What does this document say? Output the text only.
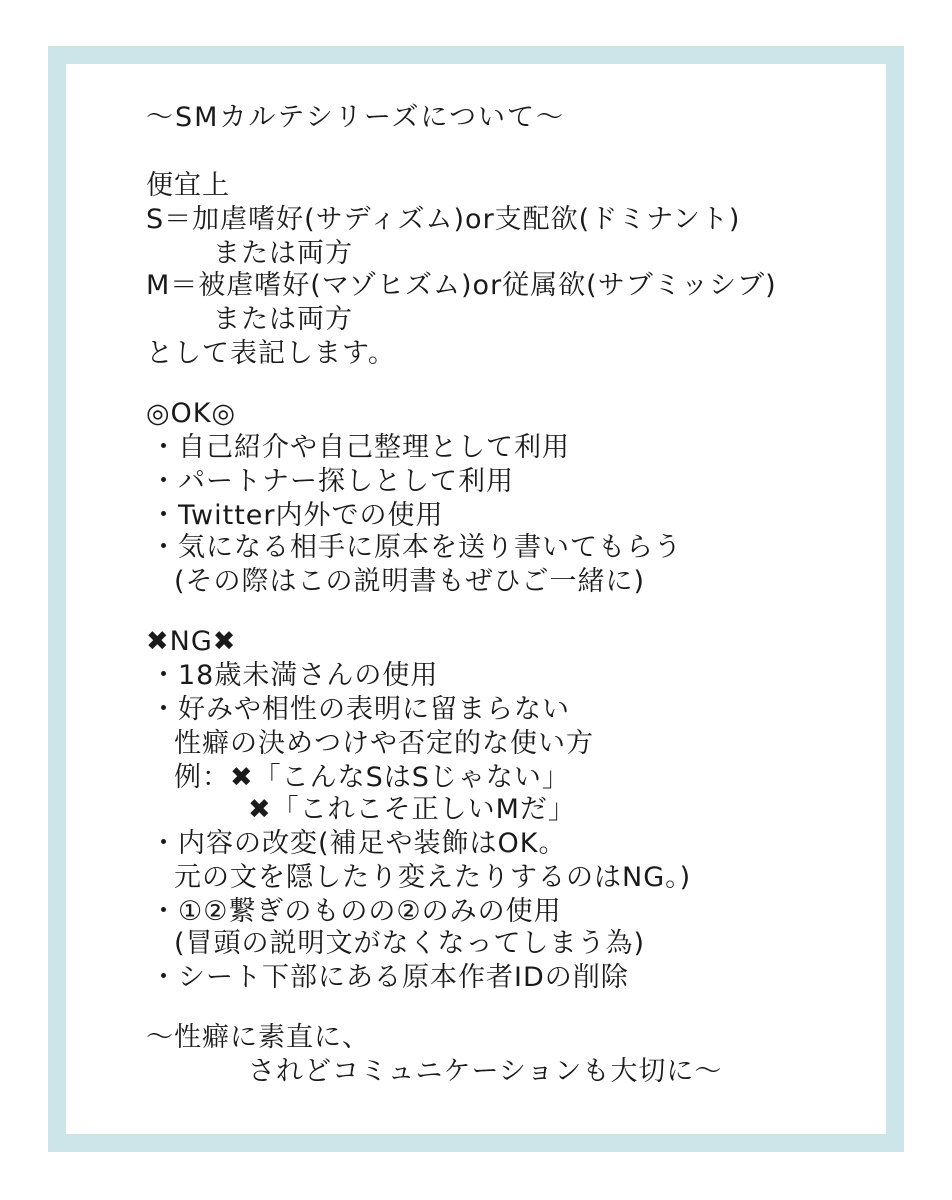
〜SMカルテシリーズについて〜
便宜上
S＝加虐嗜好(サディズム)or支配欲(ドミナント)
または両方
M＝被虐嗜好(マゾヒズム)or従属欲(サブミッシブ)
または両方
として表記します。
◎OK◎
・自己紹介や自己整理として利用
・パートナー探しとして利用
・Twitter内外での使用
・気になる相手に原本を送り書いてもらう
(その際はこの説明書もぜひご一緒に)
✖NG✖
・18歳未満さんの使用
・好みや相性の表明に留まらない
性癖の決めつけや否定的な使い方
例：✖「こんなSはSじゃない」
✖「これこそ正しいMだ」
・内容の改変(補足や装飾はOK。
元の文を隠したり変えたりするのはNG。)
・①②繋ぎのものの②のみの使用
(冒頭の説明文がなくなってしまう為)
・シート下部にある原本作者IDの削除
〜性癖に素直に、
されどコミュニケーションも大切に〜
